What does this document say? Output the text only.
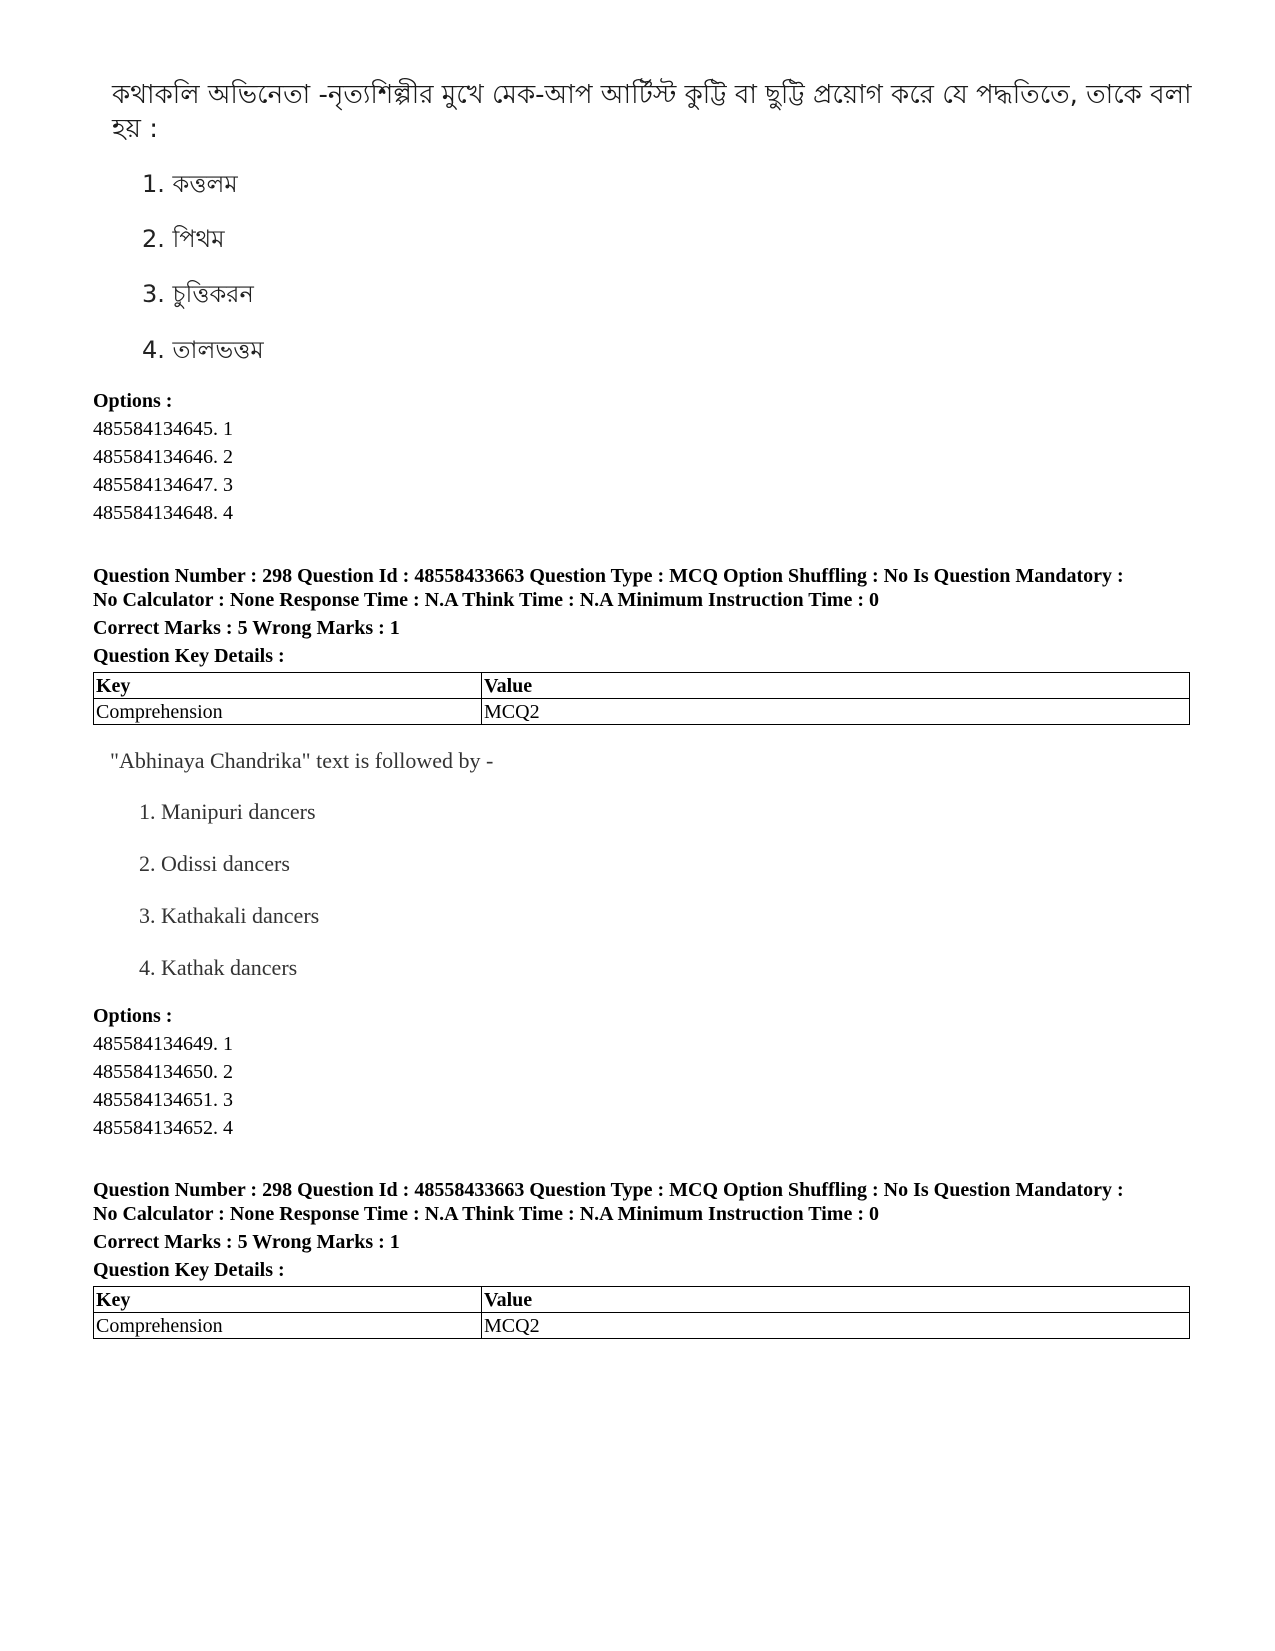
কথাকলি অভিনেতা -নৃত্যশিল্পীর মুখে মেক-আপ আর্টিস্ট কুট্টি বা ছুট্টি প্রয়োগ করে যে পদ্ধতিতে, তাকে বলা হয় :
1. কত্তলম
2. পিথম
3. চুত্তিকরন
4. তালভত্তম
Options :
485584134645. 1
485584134646. 2
485584134647. 3
485584134648. 4
Question Number : 298 Question Id : 48558433663 Question Type : MCQ Option Shuffling : No Is Question Mandatory :
No Calculator : None Response Time : N.A Think Time : N.A Minimum Instruction Time : 0
Correct Marks : 5 Wrong Marks : 1
Question Key Details :
Key	Value
Comprehension	MCQ2
"Abhinaya Chandrika" text is followed by -
1. Manipuri dancers
2. Odissi dancers
3. Kathakali dancers
4. Kathak dancers
Options :
485584134649. 1
485584134650. 2
485584134651. 3
485584134652. 4
Question Number : 298 Question Id : 48558433663 Question Type : MCQ Option Shuffling : No Is Question Mandatory :
No Calculator : None Response Time : N.A Think Time : N.A Minimum Instruction Time : 0
Correct Marks : 5 Wrong Marks : 1
Question Key Details :
Key	Value
Comprehension	MCQ2
